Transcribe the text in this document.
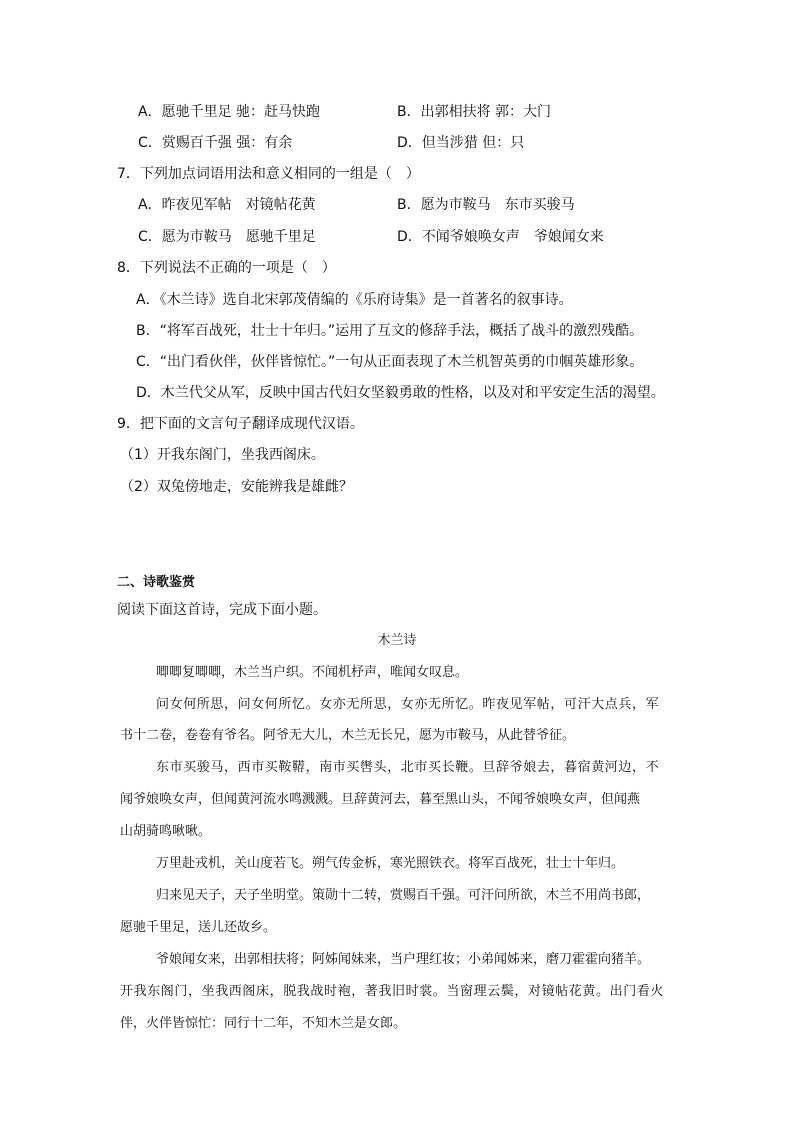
A．愿驰千里足 驰：赶马快跑	B．出郭相扶将 郭：大门
C．赏赐百千强 强：有余	D．但当涉猎 但：只
7．下列加点词语用法和意义相同的一组是（　）
A．昨夜见军帖　对镜帖花黄	B．愿为市鞍马　东市买骏马
C．愿为市鞍马　愿驰千里足	D．不闻爷娘唤女声　爷娘闻女来
8．下列说法不正确的一项是（　）
A．《木兰诗》选自北宋郭茂倩编的《乐府诗集》是一首著名的叙事诗。
B．“将军百战死，壮士十年归。”运用了互文的修辞手法，概括了战斗的激烈残酷。
C．“出门看伙伴，伙伴皆惊忙。”一句从正面表现了木兰机智英勇的巾帼英雄形象。
D．木兰代父从军，反映中国古代妇女坚毅勇敢的性格，以及对和平安定生活的渴望。
9．把下面的文言句子翻译成现代汉语。
（1）开我东阁门，坐我西阁床。
（2）双兔傍地走，安能辨我是雄雌？
二、诗歌鉴赏
阅读下面这首诗，完成下面小题。
木兰诗
唧唧复唧唧，木兰当户织。不闻机杼声，唯闻女叹息。
问女何所思，问女何所忆。女亦无所思，女亦无所忆。昨夜见军帖，可汗大点兵，军
书十二卷，卷卷有爷名。阿爷无大儿，木兰无长兄，愿为市鞍马，从此替爷征。
东市买骏马，西市买鞍鞯，南市买辔头，北市买长鞭。旦辞爷娘去，暮宿黄河边，不
闻爷娘唤女声，但闻黄河流水鸣溅溅。旦辞黄河去，暮至黑山头，不闻爷娘唤女声，但闻燕
山胡骑鸣啾啾。
万里赴戎机，关山度若飞。朔气传金柝，寒光照铁衣。将军百战死，壮士十年归。
归来见天子，天子坐明堂。策勋十二转，赏赐百千强。可汗问所欲，木兰不用尚书郎，
愿驰千里足，送儿还故乡。
爷娘闻女来，出郭相扶将；阿姊闻妹来，当户理红妆；小弟闻姊来，磨刀霍霍向猪羊。
开我东阁门，坐我西阁床，脱我战时袍，著我旧时裳。当窗理云鬓，对镜帖花黄。出门看火
伴，火伴皆惊忙：同行十二年，不知木兰是女郎。
